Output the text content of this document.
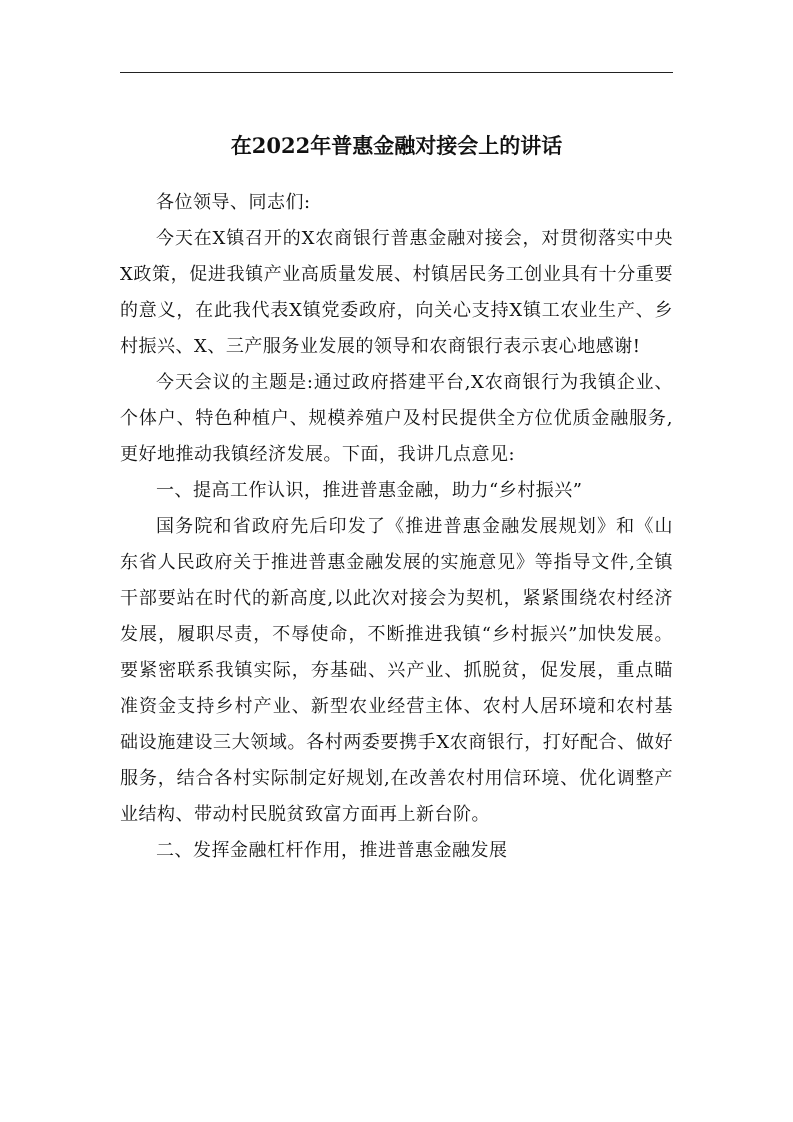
在2022年普惠金融对接会上的讲话

各位领导、同志们:

今天在X镇召开的X农商银行普惠金融对接会，对贯彻落实中央X政策，促进我镇产业高质量发展、村镇居民务工创业具有十分重要的意义，在此我代表X镇党委政府，向关心支持X镇工农业生产、乡村振兴、X、三产服务业发展的领导和农商银行表示衷心地感谢!

今天会议的主题是:通过政府搭建平台,X农商银行为我镇企业、个体户、特色种植户、规模养殖户及村民提供全方位优质金融服务,更好地推动我镇经济发展。下面，我讲几点意见:

一、提高工作认识，推进普惠金融，助力“乡村振兴”

国务院和省政府先后印发了《推进普惠金融发展规划》和《山东省人民政府关于推进普惠金融发展的实施意见》等指导文件,全镇干部要站在时代的新高度,以此次对接会为契机，紧紧围绕农村经济发展，履职尽责，不辱使命，不断推进我镇“乡村振兴”加快发展。要紧密联系我镇实际，夯基础、兴产业、抓脱贫，促发展，重点瞄准资金支持乡村产业、新型农业经营主体、农村人居环境和农村基础设施建设三大领域。各村两委要携手X农商银行，打好配合、做好服务，结合各村实际制定好规划,在改善农村用信环境、优化调整产业结构、带动村民脱贫致富方面再上新台阶。

二、发挥金融杠杆作用，推进普惠金融发展
